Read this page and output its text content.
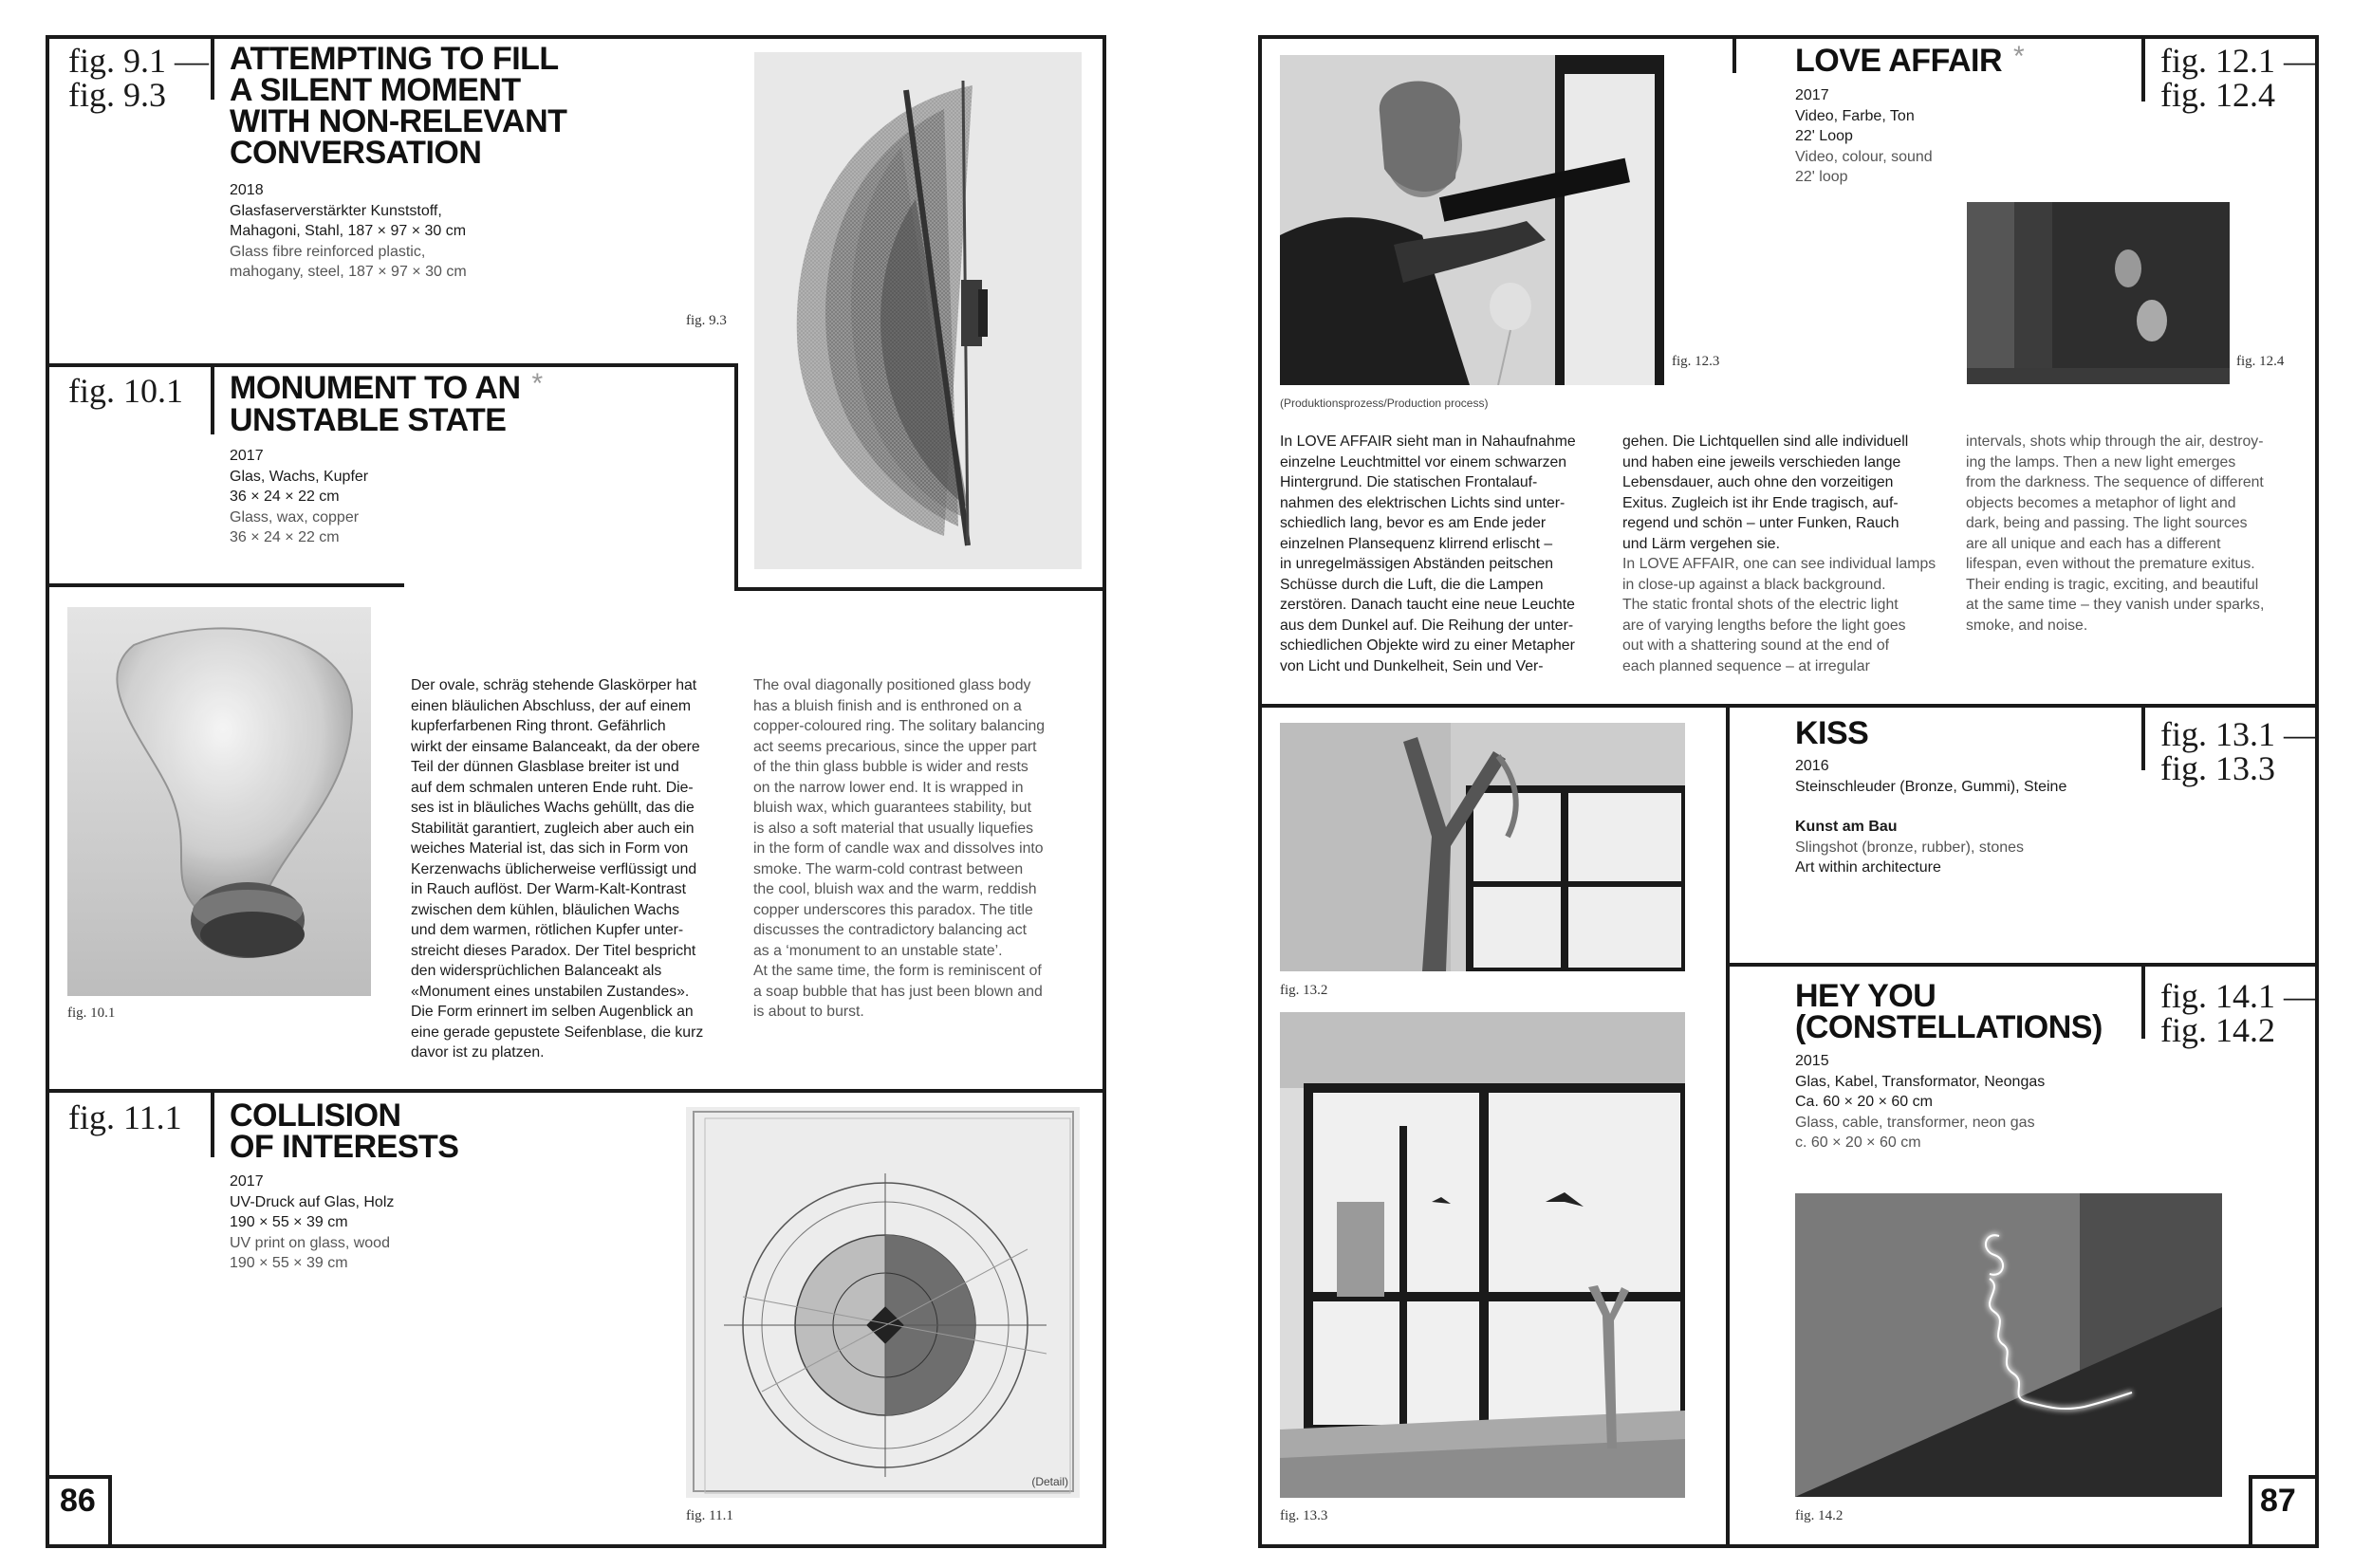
fig. 9.1 —
fig. 9.3
ATTEMPTING TO FILL
A SILENT MOMENT
WITH NON-RELEVANT
CONVERSATION
2018
Glasfaserverstärkter Kunststoff,
Mahagoni, Stahl, 187 × 97 × 30 cm
Glass fibre reinforced plastic,
mahogany, steel, 187 × 97 × 30 cm
fig. 9.3
fig. 10.1 MONUMENT TO AN *
UNSTABLE STATE
2017
Glas, Wachs, Kupfer
36 × 24 × 22 cm
Glass, wax, copper
36 × 24 × 22 cm
fig. 10.1
Der ovale, schräg stehende Glaskörper hat
einen bläulichen Abschluss, der auf einem
kupferfarbenen Ring thront. Gefährlich
wirkt der einsame Balanceakt, da der obere
Teil der dünnen Glasblase breiter ist und
auf dem schmalen unteren Ende ruht. Die-
ses ist in bläuliches Wachs gehüllt, das die
Stabilität garantiert, zugleich aber auch ein
weiches Material ist, das sich in Form von
Kerzenwachs üblicherweise verflüssigt und
in Rauch auflöst. Der Warm-Kalt-Kontrast
zwischen dem kühlen, bläulichen Wachs
und dem warmen, rötlichen Kupfer unter-
streicht dieses Paradox. Der Titel bespricht
den widersprüchlichen Balanceakt als
«Monument eines unstabilen Zustandes».
Die Form erinnert im selben Augenblick an
eine gerade gepustete Seifenblase, die kurz
davor ist zu platzen.
The oval diagonally positioned glass body
has a bluish finish and is enthroned on a
copper-coloured ring. The solitary balancing
act seems precarious, since the upper part
of the thin glass bubble is wider and rests
on the narrow lower end. It is wrapped in
bluish wax, which guarantees stability, but
is also a soft material that usually liquefies
in the form of candle wax and dissolves into
smoke. The warm-cold contrast between
the cool, bluish wax and the warm, reddish
copper underscores this paradox. The title
discusses the contradictory balancing act
as a ‘monument to an unstable state’.
At the same time, the form is reminiscent of
a soap bubble that has just been blown and
is about to burst.
fig. 11.1 COLLISION
OF INTERESTS
2017
UV-Druck auf Glas, Holz
190 × 55 × 39 cm
UV print on glass, wood
190 × 55 × 39 cm
(Detail)
fig. 11.1
86
fig. 12.3
(Produktionsprozess/Production process)
LOVE AFFAIR *
2017
Video, Farbe, Ton
22' Loop
Video, colour, sound
22' loop
fig. 12.1 —
fig. 12.4
fig. 12.4
In LOVE AFFAIR sieht man in Nahaufnahme
einzelne Leuchtmittel vor einem schwarzen
Hintergrund. Die statischen Frontalauf-
nahmen des elektrischen Lichts sind unter-
schiedlich lang, bevor es am Ende jeder
einzelnen Plansequenz klirrend erlischt –
in unregelmässigen Abständen peitschen
Schüsse durch die Luft, die die Lampen
zerstören. Danach taucht eine neue Leuchte
aus dem Dunkel auf. Die Reihung der unter-
schiedlichen Objekte wird zu einer Metapher
von Licht und Dunkelheit, Sein und Ver-
gehen. Die Lichtquellen sind alle individuell
und haben eine jeweils verschieden lange
Lebensdauer, auch ohne den vorzeitigen
Exitus. Zugleich ist ihr Ende tragisch, auf-
regend und schön – unter Funken, Rauch
und Lärm vergehen sie.
In LOVE AFFAIR, one can see individual lamps
in close-up against a black background.
The static frontal shots of the electric light
are of varying lengths before the light goes
out with a shattering sound at the end of
each planned sequence – at irregular
intervals, shots whip through the air, destroy-
ing the lamps. Then a new light emerges
from the darkness. The sequence of different
objects becomes a metaphor of light and
dark, being and passing. The light sources
are all unique and each has a different
lifespan, even without the premature exitus.
Their ending is tragic, exciting, and beautiful
at the same time – they vanish under sparks,
smoke, and noise.
fig. 13.2
KISS
2016
Steinschleuder (Bronze, Gummi), Steine
Kunst am Bau
Slingshot (bronze, rubber), stones
Art within architecture
fig. 13.1 —
fig. 13.3
fig. 13.3
HEY YOU
(CONSTELLATIONS)
2015
Glas, Kabel, Transformator, Neongas
Ca. 60 × 20 × 60 cm
Glass, cable, transformer, neon gas
c. 60 × 20 × 60 cm
fig. 14.1 —
fig. 14.2
fig. 14.2	87
